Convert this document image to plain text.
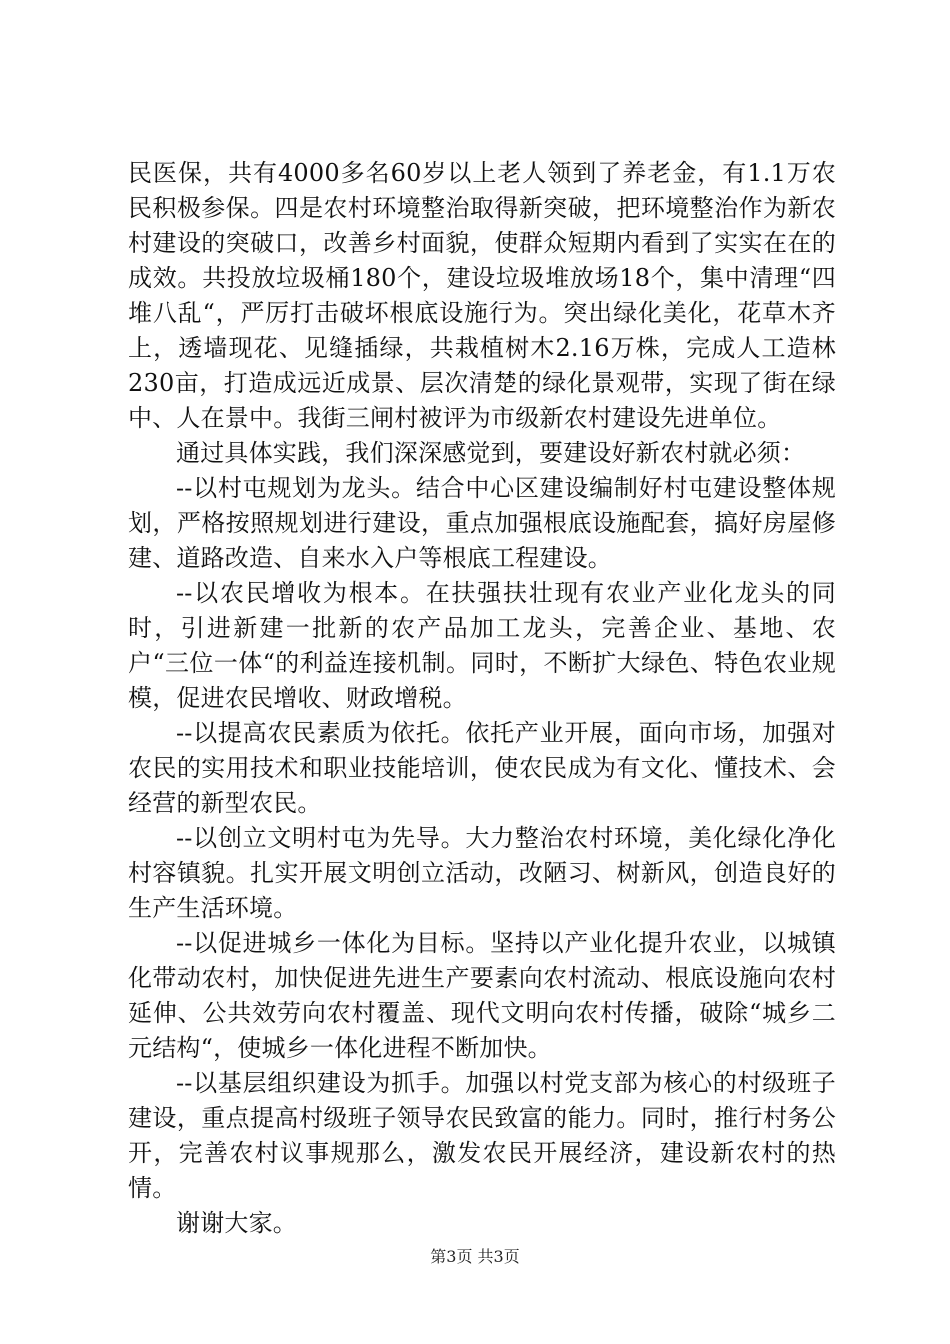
民医保，共有4000多名60岁以上老人领到了养老金，有1.1万农民积极参保。四是农村环境整治取得新突破，把环境整治作为新农村建设的突破口，改善乡村面貌，使群众短期内看到了实实在在的成效。共投放垃圾桶180个，建设垃圾堆放场18个，集中清理“四堆八乱“，严厉打击破坏根底设施行为。突出绿化美化，花草木齐上，透墙现花、见缝插绿，共栽植树木2.16万株，完成人工造林230亩，打造成远近成景、层次清楚的绿化景观带，实现了街在绿中、人在景中。我街三闸村被评为市级新农村建设先进单位。

通过具体实践，我们深深感觉到，要建设好新农村就必须：

--以村屯规划为龙头。结合中心区建设编制好村屯建设整体规划，严格按照规划进行建设，重点加强根底设施配套，搞好房屋修建、道路改造、自来水入户等根底工程建设。

--以农民增收为根本。在扶强扶壮现有农业产业化龙头的同时，引进新建一批新的农产品加工龙头，完善企业、基地、农户“三位一体“的利益连接机制。同时，不断扩大绿色、特色农业规模，促进农民增收、财政增税。

--以提高农民素质为依托。依托产业开展，面向市场，加强对农民的实用技术和职业技能培训，使农民成为有文化、懂技术、会经营的新型农民。

--以创立文明村屯为先导。大力整治农村环境，美化绿化净化村容镇貌。扎实开展文明创立活动，改陋习、树新风，创造良好的生产生活环境。

--以促进城乡一体化为目标。坚持以产业化提升农业，以城镇化带动农村，加快促进先进生产要素向农村流动、根底设施向农村延伸、公共效劳向农村覆盖、现代文明向农村传播，破除“城乡二元结构“，使城乡一体化进程不断加快。

--以基层组织建设为抓手。加强以村党支部为核心的村级班子建设，重点提高村级班子领导农民致富的能力。同时，推行村务公开，完善农村议事规那么，激发农民开展经济，建设新农村的热情。

谢谢大家。

第3页 共3页
